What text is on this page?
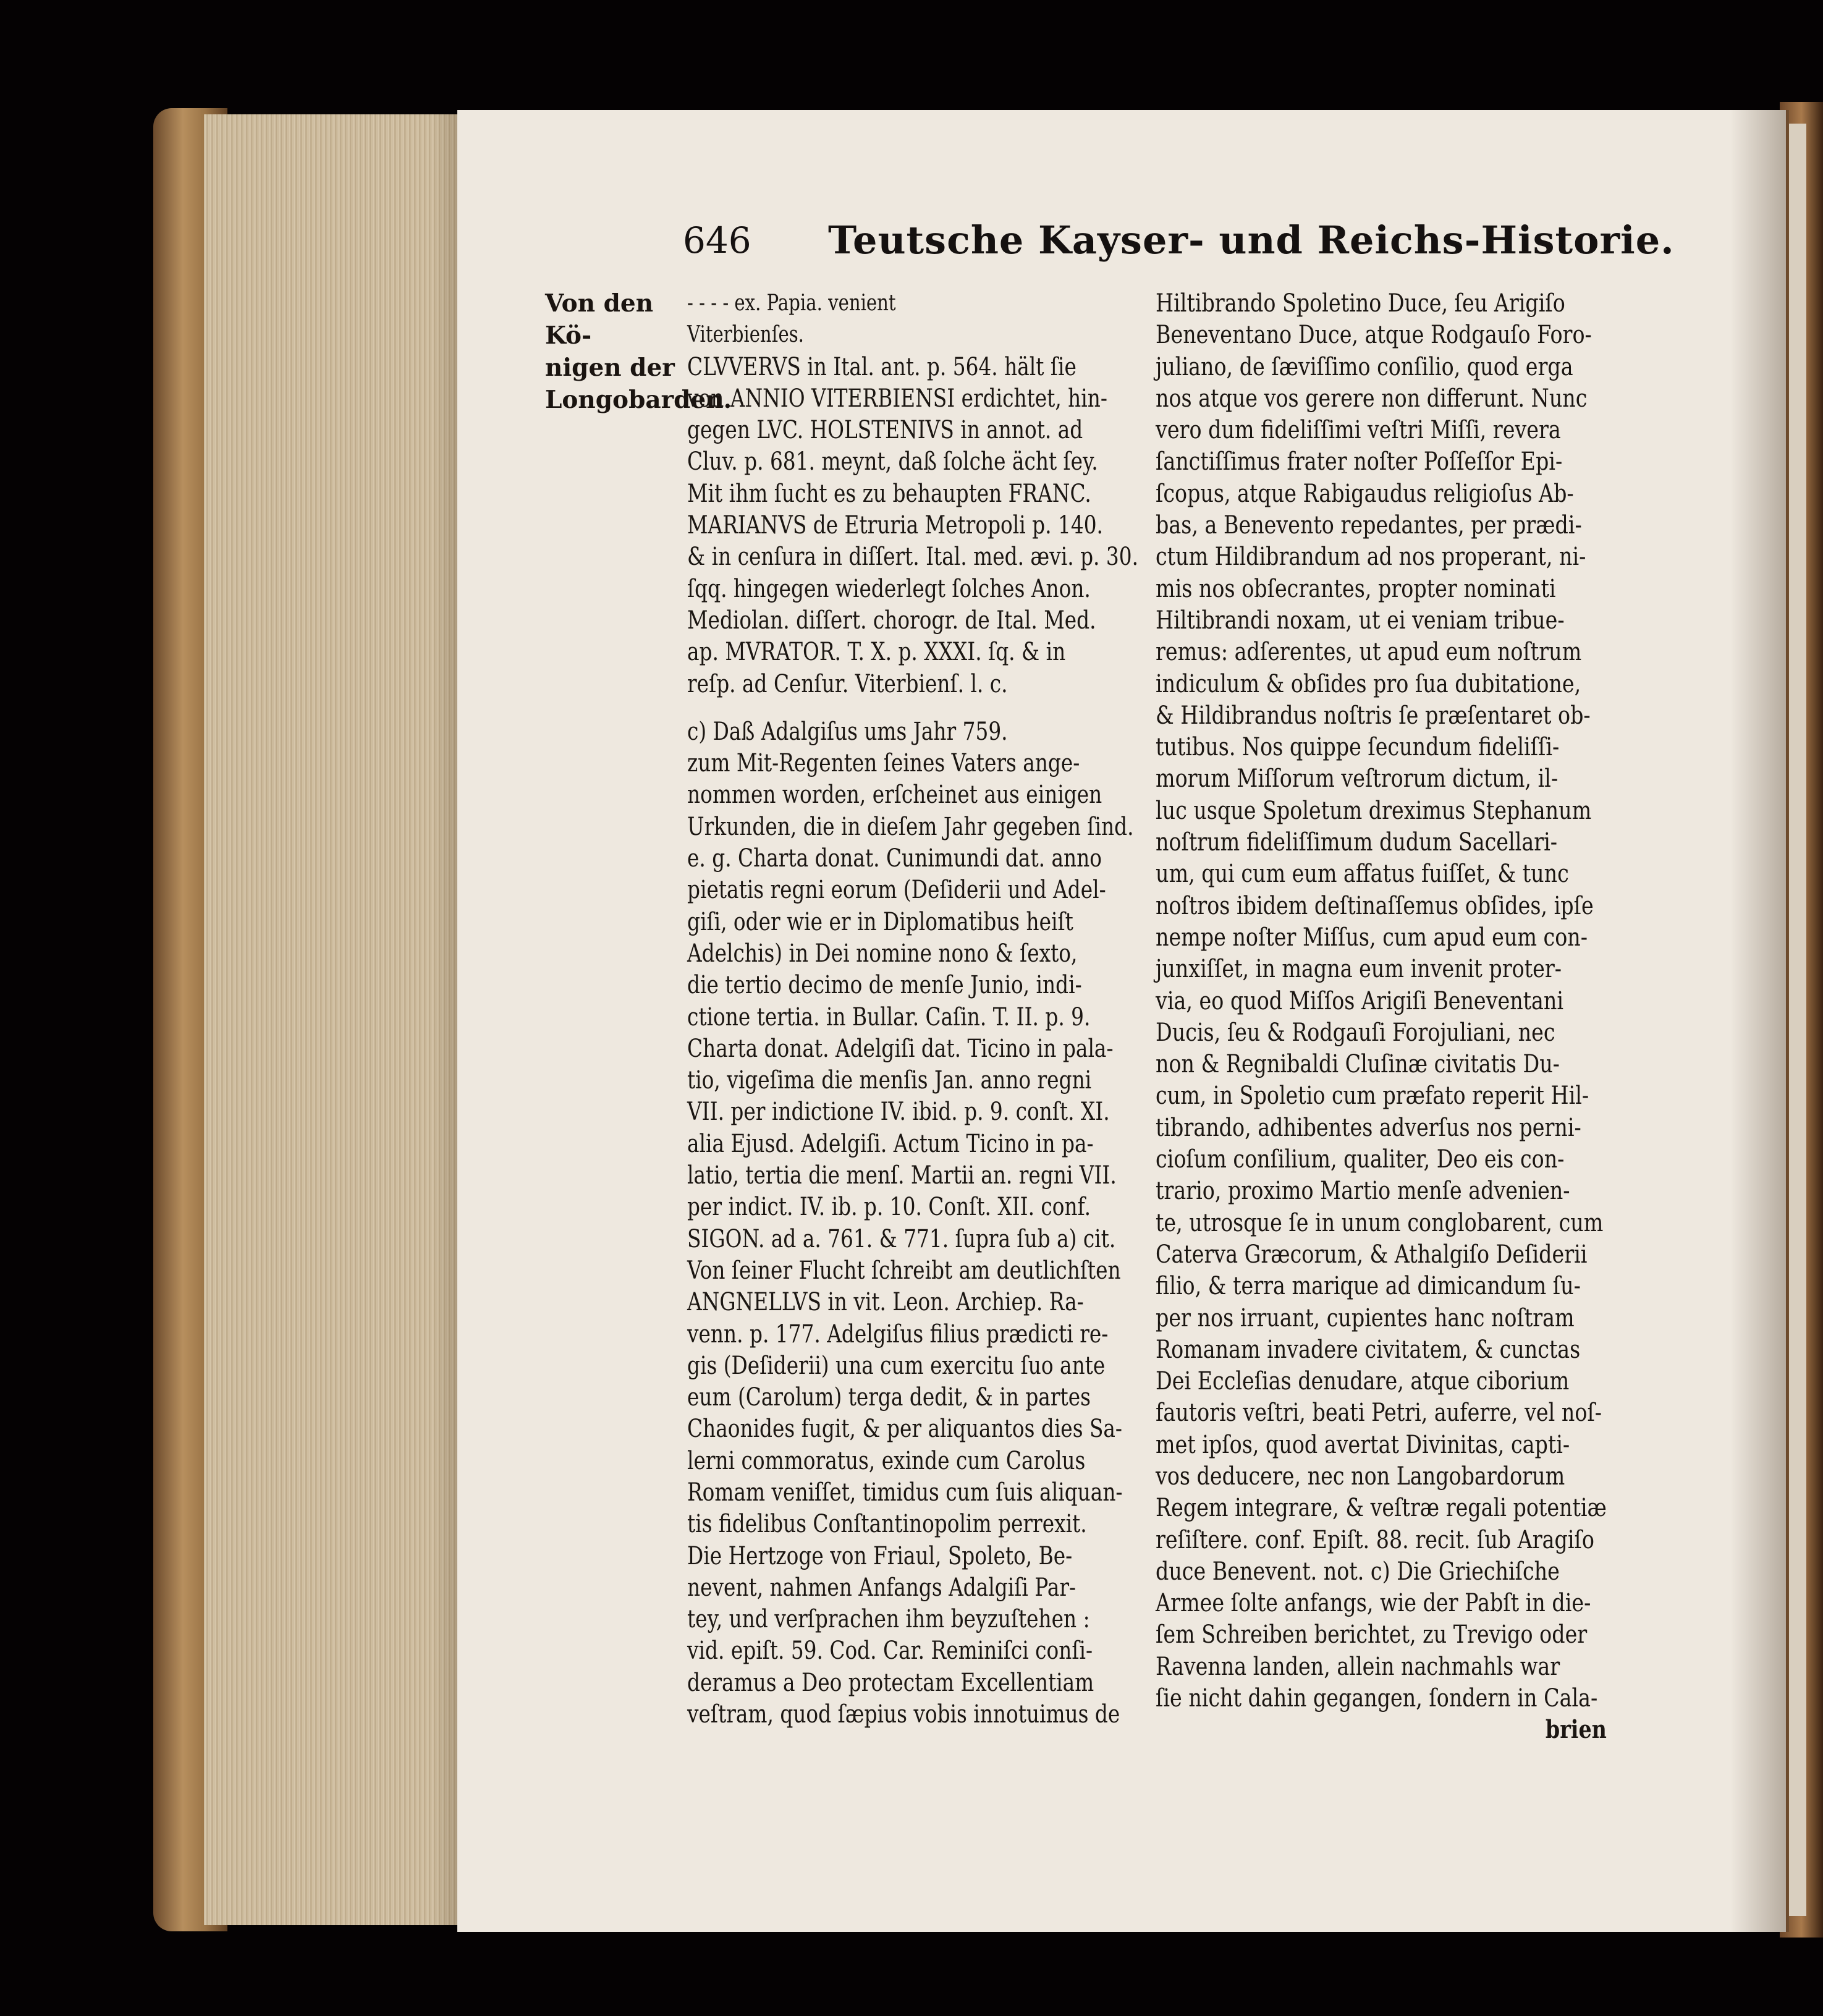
646 Teutsche Kayser- und Reichs-Historie.
Von den Kö-
nigen der
Longobarden.
- - - - ex. Papia. venient
Viterbienſes.
CLVVERVS in Ital. ant. p. 564. hält ſie
von ANNIO VITERBIENSI erdichtet, hin-
gegen LVC. HOLSTENIVS in annot. ad
Cluv. p. 681. meynt, daß ſolche ächt ſey.
Mit ihm ſucht es zu behaupten FRANC.
MARIANVS de Etruria Metropoli p. 140.
& in cenſura in diſſert. Ital. med. ævi. p. 30.
ſqq. hingegen wiederlegt ſolches Anon.
Mediolan. diſſert. chorogr. de Ital. Med.
ap. MVRATOR. T. X. p. XXXI. ſq. & in
reſp. ad Cenſur. Viterbienſ. l. c.
c) Daß Adalgiſus ums Jahr 759.
zum Mit-Regenten ſeines Vaters ange-
nommen worden, erſcheinet aus einigen
Urkunden, die in dieſem Jahr gegeben ſind.
e. g. Charta donat. Cunimundi dat. anno
pietatis regni eorum (Deſiderii und Adel-
giſi, oder wie er in Diplomatibus heiſt
Adelchis) in Dei nomine nono & ſexto,
die tertio decimo de menſe Junio, indi-
ctione tertia. in Bullar. Caſin. T. II. p. 9.
Charta donat. Adelgiſi dat. Ticino in pala-
tio, vigeſima die menſis Jan. anno regni
VII. per indictione IV. ibid. p. 9. conſt. XI.
alia Ejusd. Adelgiſi. Actum Ticino in pa-
latio, tertia die menſ. Martii an. regni VII.
per indict. IV. ib. p. 10. Conſt. XII. conf.
SIGON. ad a. 761. & 771. ſupra ſub a) cit.
Von ſeiner Flucht ſchreibt am deutlichſten
ANGNELLVS in vit. Leon. Archiep. Ra-
venn. p. 177. Adelgiſus filius prædicti re-
gis (Deſiderii) una cum exercitu ſuo ante
eum (Carolum) terga dedit, & in partes
Chaonides fugit, & per aliquantos dies Sa-
lerni commoratus, exinde cum Carolus
Romam veniſſet, timidus cum ſuis aliquan-
tis fidelibus Conſtantinopolim perrexit.
Die Hertzoge von Friaul, Spoleto, Be-
nevent, nahmen Anfangs Adalgiſi Par-
tey, und verſprachen ihm beyzuſtehen :
vid. epiſt. 59. Cod. Car. Reminiſci conſi-
deramus a Deo protectam Excellentiam
veſtram, quod ſæpius vobis innotuimus de
Hiltibrando Spoletino Duce, ſeu Arigiſo
Beneventano Duce, atque Rodgauſo Foro-
juliano, de ſæviſſimo conſilio, quod erga
nos atque vos gerere non differunt. Nunc
vero dum fideliſſimi veſtri Miſſi, revera
ſanctiſſimus frater noſter Poſſeſſor Epi-
ſcopus, atque Rabigaudus religioſus Ab-
bas, a Benevento repedantes, per prædi-
ctum Hildibrandum ad nos properant, ni-
mis nos obſecrantes, propter nominati
Hiltibrandi noxam, ut ei veniam tribue-
remus: adſerentes, ut apud eum noſtrum
indiculum & obſides pro ſua dubitatione,
& Hildibrandus noſtris ſe præſentaret ob-
tutibus. Nos quippe ſecundum fideliſſi-
morum Miſſorum veſtrorum dictum, il-
luc usque Spoletum dreximus Stephanum
noſtrum fideliſſimum dudum Sacellari-
um, qui cum eum affatus fuiſſet, & tunc
noſtros ibidem deſtinaſſemus obſides, ipſe
nempe noſter Miſſus, cum apud eum con-
junxiſſet, in magna eum invenit proter-
via, eo quod Miſſos Arigiſi Beneventani
Ducis, ſeu & Rodgauſi Forojuliani, nec
non & Regnibaldi Cluſinæ civitatis Du-
cum, in Spoletio cum præfato reperit Hil-
tibrando, adhibentes adverſus nos perni-
cioſum conſilium, qualiter, Deo eis con-
trario, proximo Martio menſe advenien-
te, utrosque ſe in unum conglobarent, cum
Caterva Græcorum, & Athalgiſo Deſiderii
filio, & terra marique ad dimicandum ſu-
per nos irruant, cupientes hanc noſtram
Romanam invadere civitatem, & cunctas
Dei Eccleſias denudare, atque ciborium
fautoris veſtri, beati Petri, auferre, vel noſ-
met ipſos, quod avertat Divinitas, capti-
vos deducere, nec non Langobardorum
Regem integrare, & veſtræ regali potentiæ
reſiſtere. conf. Epiſt. 88. recit. ſub Aragiſo
duce Benevent. not. c) Die Griechiſche
Armee ſolte anfangs, wie der Pabſt in die-
ſem Schreiben berichtet, zu Trevigo oder
Ravenna landen, allein nachmahls war
ſie nicht dahin gegangen, ſondern in Cala-
brien
